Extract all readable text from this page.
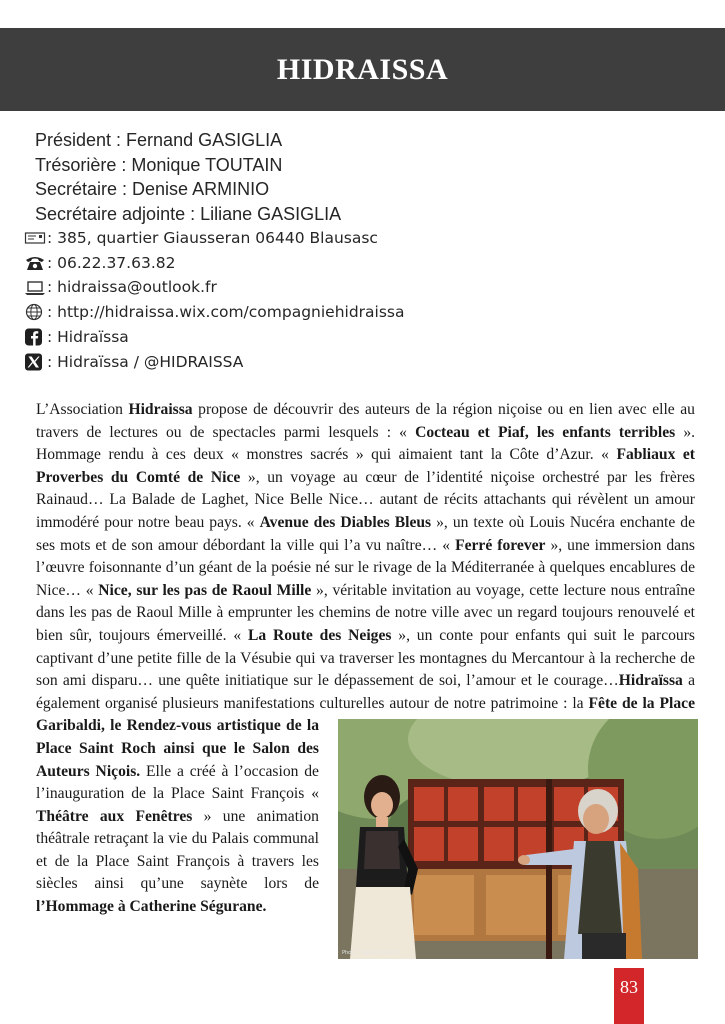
HIDRAISSA
Président : Fernand GASIGLIA
Trésorière : Monique TOUTAIN
Secrétaire : Denise ARMINIO
Secrétaire adjointe : Liliane GASIGLIA
: 385, quartier Giausseran 06440 Blausasc
: 06.22.37.63.82
: hidraissa@outlook.fr
: http://hidraissa.wix.com/compagniehidraissa
: Hidraïssa
: Hidraïssa / @HIDRAISSA

L’Association Hidraissa propose de découvrir des auteurs de la région niçoise ou en lien avec elle au travers de lectures ou de spectacles parmi lesquels : « Cocteau et Piaf, les enfants terribles ». Hommage rendu à ces deux « monstres sacrés » qui aimaient tant la Côte d’Azur. « Fabliaux et Proverbes du Comté de Nice », un voyage au cœur de l’identité niçoise orchestré par les frères Rainaud… La Balade de Laghet, Nice Belle Nice… autant de récits attachants qui révèlent un amour immodéré pour notre beau pays. « Avenue des Diables Bleus », un texte où Louis Nucéra enchante de ses mots et de son amour débordant la ville qui l’a vu naître… « Ferré forever », une immersion dans l’œuvre foisonnante d’un géant de la poésie né sur le rivage de la Méditerranée à quelques encablures de Nice… « Nice, sur les pas de Raoul Mille », véritable invitation au voyage, cette lecture nous entraîne dans les pas de Raoul Mille à emprunter les chemins de notre ville avec un regard toujours renouvelé et bien sûr, toujours émerveillé. « La Route des Neiges », un conte pour enfants qui suit le parcours captivant d’une petite fille de la Vésubie qui va traverser les montagnes du Mercantour à la recherche de son ami disparu… une quête initiatique sur le dépassement de soi, l’amour et le courage…Hidraïssa a également organisé plusieurs manifestations culturelles autour de notre patrimoine : la
Fête de la Place Garibaldi, le Rendez-vous artistique de la Place Saint Roch ainsi que le Salon des Auteurs Niçois. Elle a créé à l’occasion de l’inauguration de la Place Saint François « Théâtre aux Fenêtres » une animation théâtrale retraçant la vie du Palais communal et de la Place Saint François à travers les siècles ainsi qu’une saynète lors de l’Hommage à Catherine Ségurane.

Photo : Yannick Aminfo
83
